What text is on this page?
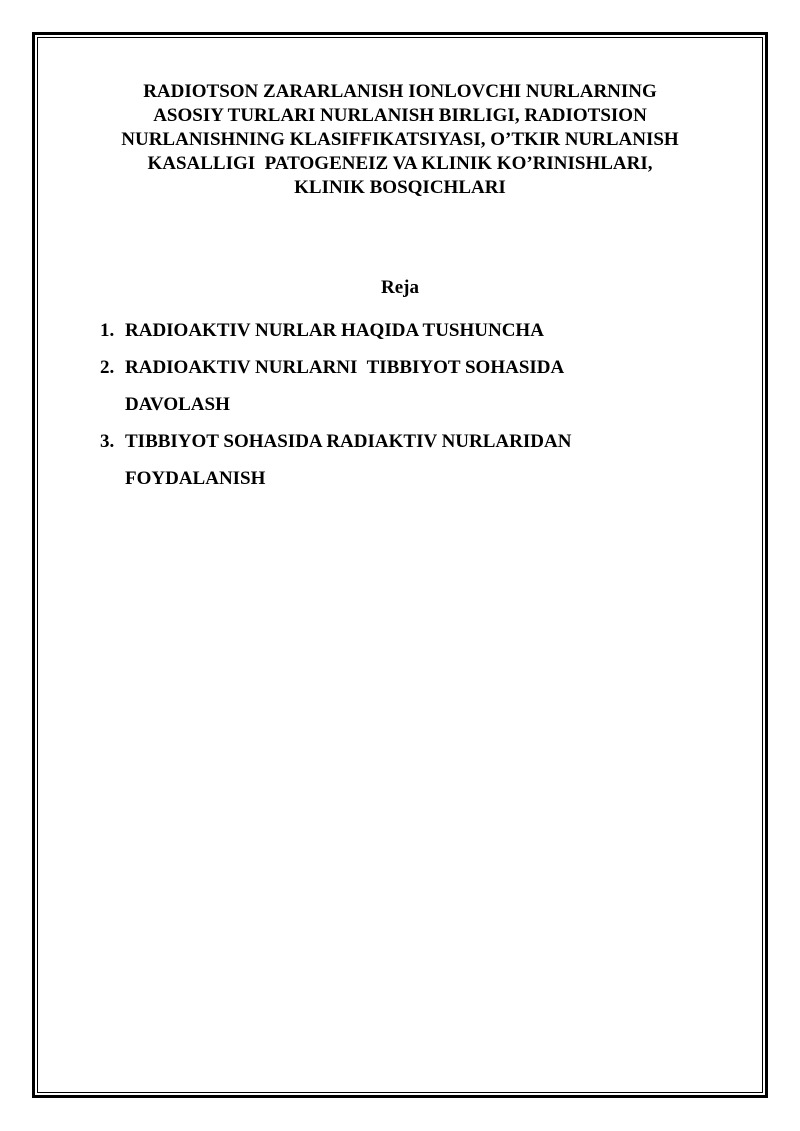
RADIOTSON ZARARLANISH IONLOVCHI NURLARNING
ASOSIY TURLARI NURLANISH BIRLIGI, RADIOTSION
NURLANISHNING KLASIFFIKATSIYASI, O’TKIR NURLANISH
KASALLIGI  PATOGENEIZ VA KLINIK KO’RINISHLARI,
KLINIK BOSQICHLARI
Reja
1. RADIOAKTIV NURLAR HAQIDA TUSHUNCHA
2. RADIOAKTIV NURLARNI  TIBBIYOT SOHASIDA
DAVOLASH
3. TIBBIYOT SOHASIDA RADIAKTIV NURLARIDAN
FOYDALANISH
